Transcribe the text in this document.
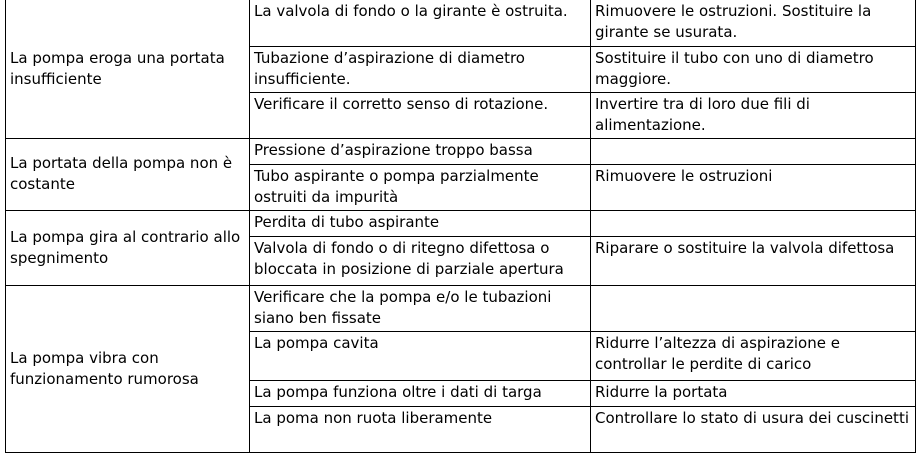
La pompa eroga una portata insufficiente	La valvola di fondo o la girante è ostruita.	Rimuovere le ostruzioni. Sostituire la girante se usurata.
	Tubazione d’aspirazione di diametro insufficiente.	Sostituire il tubo con uno di diametro maggiore.
	Verificare il corretto senso di rotazione.	Invertire tra di loro due fili di alimentazione.
La portata della pompa non è costante	Pressione d’aspirazione troppo bassa	
	Tubo aspirante o pompa parzialmente ostruiti da impurità	Rimuovere le ostruzioni
La pompa gira al contrario allo spegnimento	Perdita di tubo aspirante	
	Valvola di fondo o di ritegno difettosa o bloccata in posizione di parziale apertura	Riparare o sostituire la valvola difettosa
La pompa vibra con funzionamento rumorosa	Verificare che la pompa e/o le tubazioni siano ben fissate	
	La pompa cavita	Ridurre l’altezza di aspirazione e controllar le perdite di carico
	La pompa funziona oltre i dati di targa	Ridurre la portata
	La poma non ruota liberamente	Controllare lo stato di usura dei cuscinetti
